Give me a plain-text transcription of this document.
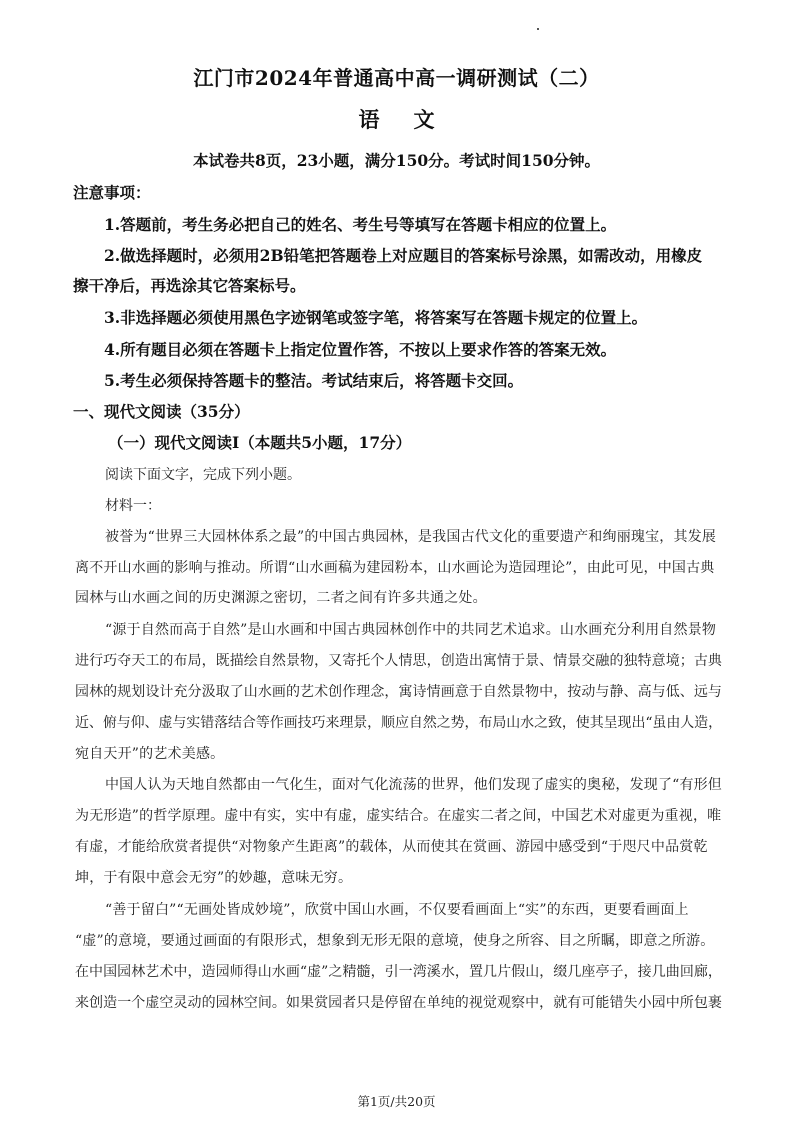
江门市2024年普通高中高一调研测试（二）
语文
本试卷共8页，23小题，满分150分。考试时间150分钟。
注意事项：
1.答题前，考生务必把自己的姓名、考生号等填写在答题卡相应的位置上。
2.做选择题时，必须用2B铅笔把答题卷上对应题目的答案标号涂黑，如需改动，用橡皮
擦干净后，再选涂其它答案标号。
3.非选择题必须使用黑色字迹钢笔或签字笔，将答案写在答题卡规定的位置上。
4.所有题目必须在答题卡上指定位置作答，不按以上要求作答的答案无效。
5.考生必须保持答题卡的整洁。考试结束后，将答题卡交回。
一、现代文阅读（35分）
（一）现代文阅读Ⅰ（本题共5小题，17分）
阅读下面文字，完成下列小题。
材料一：
被誉为“世界三大园林体系之最”的中国古典园林，是我国古代文化的重要遗产和绚丽瑰宝，其发展
离不开山水画的影响与推动。所谓“山水画稿为建园粉本，山水画论为造园理论”，由此可见，中国古典
园林与山水画之间的历史渊源之密切，二者之间有许多共通之处。
“源于自然而高于自然”是山水画和中国古典园林创作中的共同艺术追求。山水画充分利用自然景物
进行巧夺天工的布局，既描绘自然景物，又寄托个人情思，创造出寓情于景、情景交融的独特意境；古典
园林的规划设计充分汲取了山水画的艺术创作理念，寓诗情画意于自然景物中，按动与静、高与低、远与
近、俯与仰、虚与实错落结合等作画技巧来理景，顺应自然之势，布局山水之致，使其呈现出“虽由人造，
宛自天开”的艺术美感。
中国人认为天地自然都由一气化生，面对气化流荡的世界，他们发现了虚实的奥秘，发现了“有形但
为无形造”的哲学原理。虚中有实，实中有虚，虚实结合。在虚实二者之间，中国艺术对虚更为重视，唯
有虚，才能给欣赏者提供“对物象产生距离”的载体，从而使其在赏画、游园中感受到“于咫尺中品赏乾
坤，于有限中意会无穷”的妙趣，意味无穷。
“善于留白”“无画处皆成妙境”，欣赏中国山水画，不仅要看画面上“实”的东西，更要看画面上
“虚”的意境，要通过画面的有限形式，想象到无形无限的意境，使身之所容、目之所瞩，即意之所游。
在中国园林艺术中，造园师得山水画“虚”之精髓，引一湾溪水，置几片假山，缀几座亭子，接几曲回廊，
来创造一个虚空灵动的园林空间。如果赏园者只是停留在单纯的视觉观察中，就有可能错失小园中所包裹
第1页/共20页
